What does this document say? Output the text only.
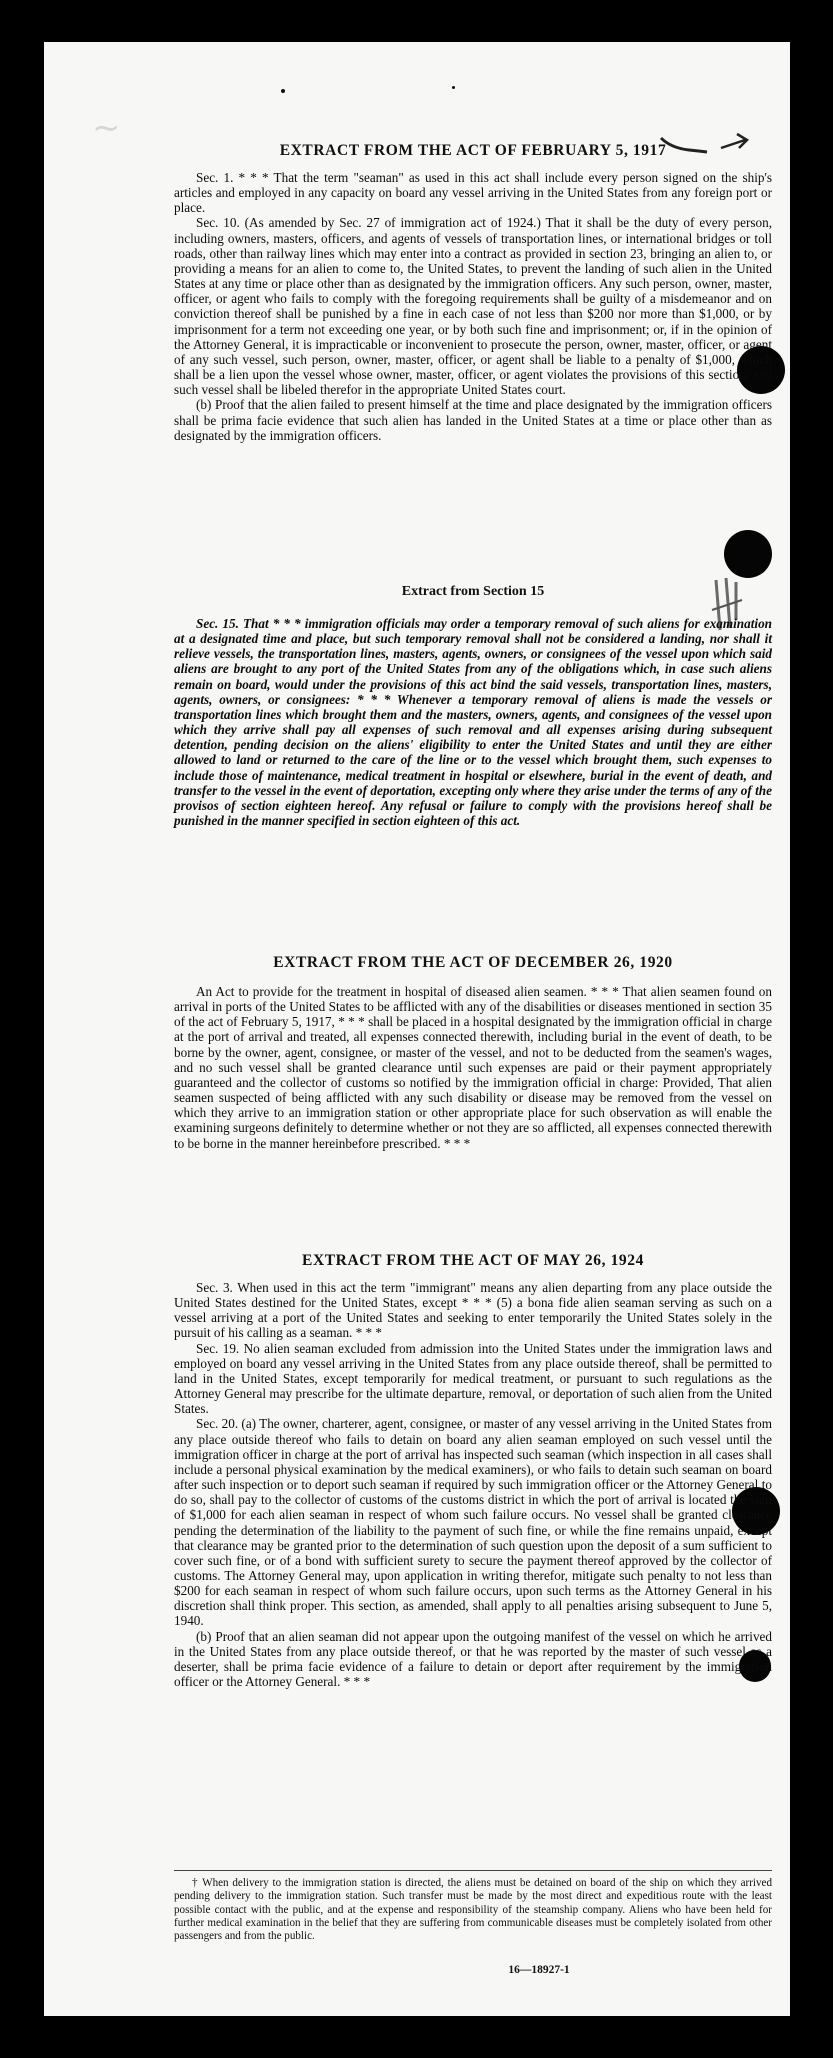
∼
EXTRACT FROM THE ACT OF FEBRUARY 5, 1917

Sec. 1. * * * That the term "seaman" as used in this act shall include every person signed on the ship's articles and employed in any capacity on board any vessel arriving in the United States from any foreign port or place.

Sec. 10. (As amended by Sec. 27 of immigration act of 1924.) That it shall be the duty of every person, including owners, masters, officers, and agents of vessels of transportation lines, or international bridges or toll roads, other than railway lines which may enter into a contract as provided in section 23, bringing an alien to, or providing a means for an alien to come to, the United States, to prevent the landing of such alien in the United States at any time or place other than as designated by the immigration officers. Any such person, owner, master, officer, or agent who fails to comply with the foregoing requirements shall be guilty of a misdemeanor and on conviction thereof shall be punished by a fine in each case of not less than $200 nor more than $1,000, or by imprisonment for a term not exceeding one year, or by both such fine and imprisonment; or, if in the opinion of the Attorney General, it is impracticable or inconvenient to prosecute the person, owner, master, officer, or agent of any such vessel, such person, owner, master, officer, or agent shall be liable to a penalty of $1,000, which shall be a lien upon the vessel whose owner, master, officer, or agent violates the provisions of this section, and such vessel shall be libeled therefor in the appropriate United States court.

(b) Proof that the alien failed to present himself at the time and place designated by the immigration officers shall be prima facie evidence that such alien has landed in the United States at a time or place other than as designated by the immigration officers.

Extract from Section 15

Sec. 15. That * * * immigration officials may order a temporary removal of such aliens for examination at a designated time and place, but such temporary removal shall not be considered a landing, nor shall it relieve vessels, the transportation lines, masters, agents, owners, or consignees of the vessel upon which said aliens are brought to any port of the United States from any of the obligations which, in case such aliens remain on board, would under the provisions of this act bind the said vessels, transportation lines, masters, agents, owners, or consignees: * * * Whenever a temporary removal of aliens is made the vessels or transportation lines which brought them and the masters, owners, agents, and consignees of the vessel upon which they arrive shall pay all expenses of such removal and all expenses arising during subsequent detention, pending decision on the aliens' eligibility to enter the United States and until they are either allowed to land or returned to the care of the line or to the vessel which brought them, such expenses to include those of maintenance, medical treatment in hospital or elsewhere, burial in the event of death, and transfer to the vessel in the event of deportation, excepting only where they arise under the terms of any of the provisos of section eighteen hereof. Any refusal or failure to comply with the provisions hereof shall be punished in the manner specified in section eighteen of this act.

EXTRACT FROM THE ACT OF DECEMBER 26, 1920

An Act to provide for the treatment in hospital of diseased alien seamen. * * * That alien seamen found on arrival in ports of the United States to be afflicted with any of the disabilities or diseases mentioned in section 35 of the act of February 5, 1917, * * * shall be placed in a hospital designated by the immigration official in charge at the port of arrival and treated, all expenses connected therewith, including burial in the event of death, to be borne by the owner, agent, consignee, or master of the vessel, and not to be deducted from the seamen's wages, and no such vessel shall be granted clearance until such expenses are paid or their payment appropriately guaranteed and the collector of customs so notified by the immigration official in charge: Provided, That alien seamen suspected of being afflicted with any such disability or disease may be removed from the vessel on which they arrive to an immigration station or other appropriate place for such observation as will enable the examining surgeons definitely to determine whether or not they are so afflicted, all expenses connected therewith to be borne in the manner hereinbefore prescribed. * * *

EXTRACT FROM THE ACT OF MAY 26, 1924

Sec. 3. When used in this act the term "immigrant" means any alien departing from any place outside the United States destined for the United States, except * * * (5) a bona fide alien seaman serving as such on a vessel arriving at a port of the United States and seeking to enter temporarily the United States solely in the pursuit of his calling as a seaman. * * *

Sec. 19. No alien seaman excluded from admission into the United States under the immigration laws and employed on board any vessel arriving in the United States from any place outside thereof, shall be permitted to land in the United States, except temporarily for medical treatment, or pursuant to such regulations as the Attorney General may prescribe for the ultimate departure, removal, or deportation of such alien from the United States.

Sec. 20. (a) The owner, charterer, agent, consignee, or master of any vessel arriving in the United States from any place outside thereof who fails to detain on board any alien seaman employed on such vessel until the immigration officer in charge at the port of arrival has inspected such seaman (which inspection in all cases shall include a personal physical examination by the medical examiners), or who fails to detain such seaman on board after such inspection or to deport such seaman if required by such immigration officer or the Attorney General to do so, shall pay to the collector of customs of the customs district in which the port of arrival is located the sum of $1,000 for each alien seaman in respect of whom such failure occurs. No vessel shall be granted clearance pending the determination of the liability to the payment of such fine, or while the fine remains unpaid, except that clearance may be granted prior to the determination of such question upon the deposit of a sum sufficient to cover such fine, or of a bond with sufficient surety to secure the payment thereof approved by the collector of customs. The Attorney General may, upon application in writing therefor, mitigate such penalty to not less than $200 for each seaman in respect of whom such failure occurs, upon such terms as the Attorney General in his discretion shall think proper. This section, as amended, shall apply to all penalties arising subsequent to June 5, 1940.

(b) Proof that an alien seaman did not appear upon the outgoing manifest of the vessel on which he arrived in the United States from any place outside thereof, or that he was reported by the master of such vessel as a deserter, shall be prima facie evidence of a failure to detain or deport after requirement by the immigration officer or the Attorney General. * * *

† When delivery to the immigration station is directed, the aliens must be detained on board of the ship on which they arrived pending delivery to the immigration station. Such transfer must be made by the most direct and expeditious route with the least possible contact with the public, and at the expense and responsibility of the steamship company. Aliens who have been held for further medical examination in the belief that they are suffering from communicable diseases must be completely isolated from other passengers and from the public.

16—18927-1
